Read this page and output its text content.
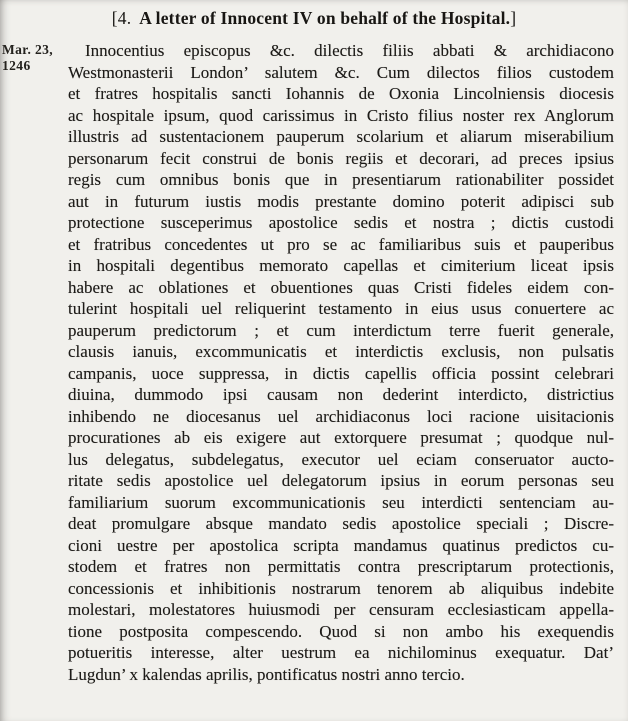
[4. A letter of Innocent IV on behalf of the Hospital.]
Mar. 23,
1246
Innocentius episcopus &c. dilectis filiis abbati & archidiacono
Westmonasterii London’ salutem &c. Cum dilectos filios custodem
et fratres hospitalis sancti Iohannis de Oxonia Lincolniensis diocesis
ac hospitale ipsum, quod carissimus in Cristo filius noster rex Anglorum
illustris ad sustentacionem pauperum scolarium et aliarum miserabilium
personarum fecit construi de bonis regiis et decorari, ad preces ipsius
regis cum omnibus bonis que in presentiarum rationabiliter possidet
aut in futurum iustis modis prestante domino poterit adipisci sub
protectione susceperimus apostolice sedis et nostra ; dictis custodi
et fratribus concedentes ut pro se ac familiaribus suis et pauperibus
in hospitali degentibus memorato capellas et cimiterium liceat ipsis
habere ac oblationes et obuentiones quas Cristi fideles eidem con-
tulerint hospitali uel reliquerint testamento in eius usus conuertere ac
pauperum predictorum ; et cum interdictum terre fuerit generale,
clausis ianuis, excommunicatis et interdictis exclusis, non pulsatis
campanis, uoce suppressa, in dictis capellis officia possint celebrari
diuina, dummodo ipsi causam non dederint interdicto, districtius
inhibendo ne diocesanus uel archidiaconus loci racione uisitacionis
procurationes ab eis exigere aut extorquere presumat ; quodque nul-
lus delegatus, subdelegatus, executor uel eciam conseruator aucto-
ritate sedis apostolice uel delegatorum ipsius in eorum personas seu
familiarium suorum excommunicationis seu interdicti sentenciam au-
deat promulgare absque mandato sedis apostolice speciali ; Discre-
cioni uestre per apostolica scripta mandamus quatinus predictos cu-
stodem et fratres non permittatis contra prescriptarum protectionis,
concessionis et inhibitionis nostrarum tenorem ab aliquibus indebite
molestari, molestatores huiusmodi per censuram ecclesiasticam appella-
tione postposita compescendo. Quod si non ambo his exequendis
potueritis interesse, alter uestrum ea nichilominus exequatur. Dat’
Lugdun’ x kalendas aprilis, pontificatus nostri anno tercio.
